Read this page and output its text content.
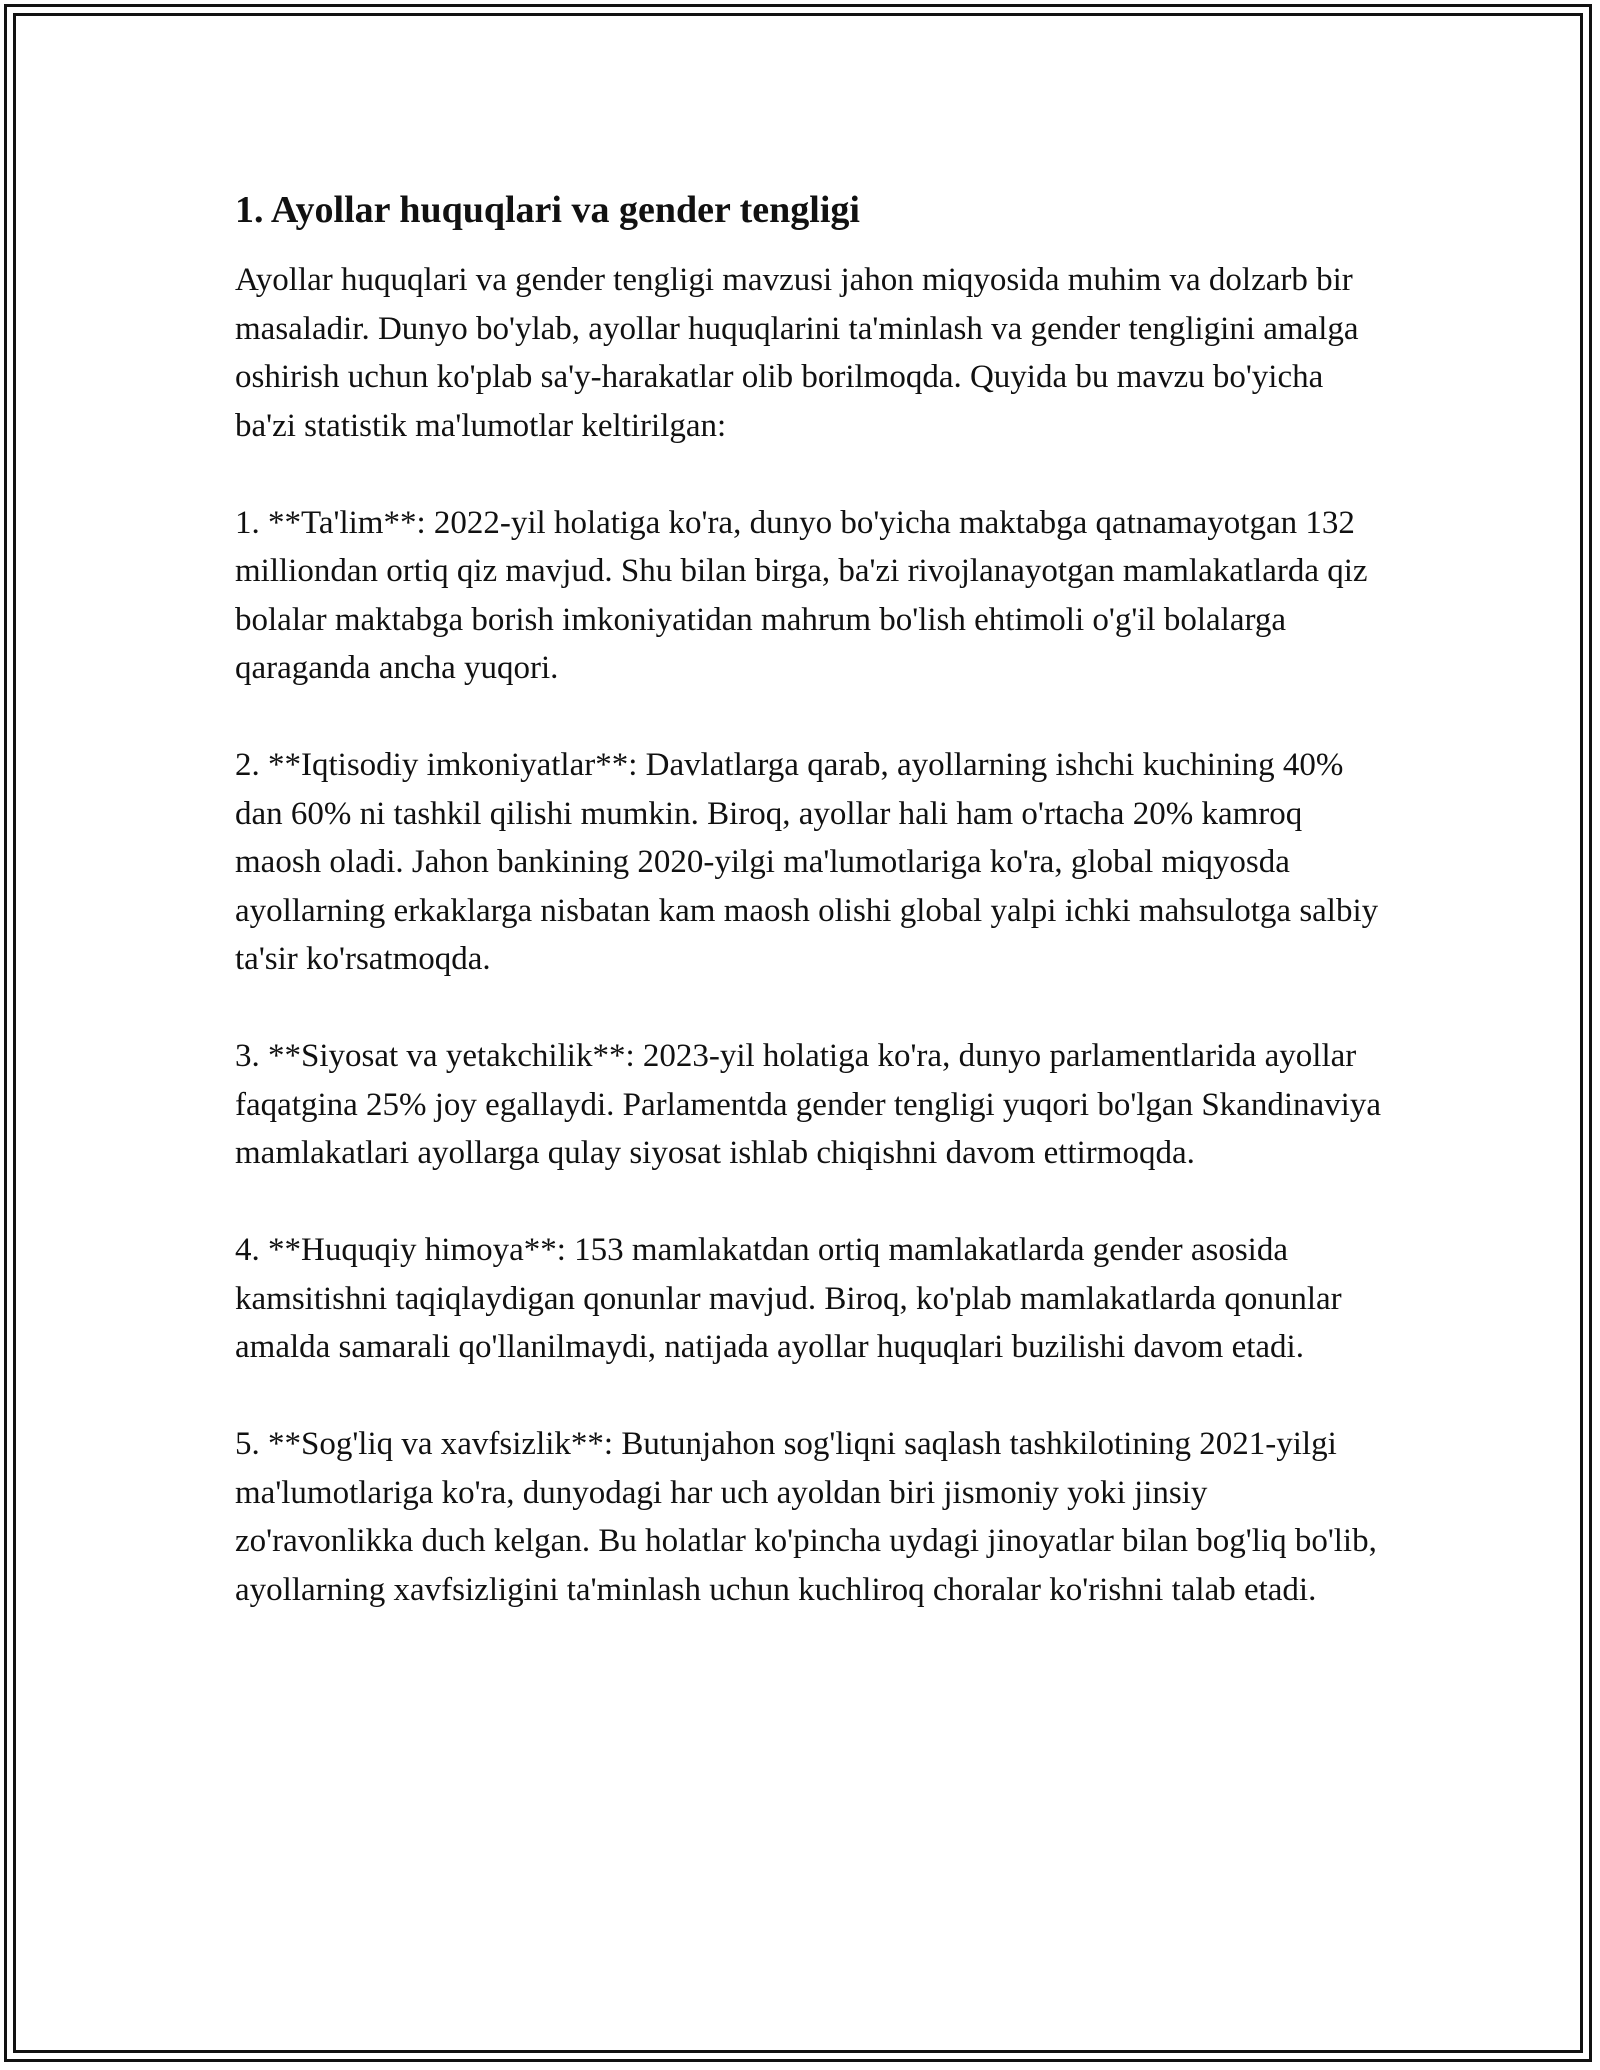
1. Ayollar huquqlari va gender tengligi

Ayollar huquqlari va gender tengligi mavzusi jahon miqyosida muhim va dolzarb bir masaladir. Dunyo bo'ylab, ayollar huquqlarini ta'minlash va gender tengligini amalga oshirish uchun ko'plab sa'y-harakatlar olib borilmoqda. Quyida bu mavzu bo'yicha ba'zi statistik ma'lumotlar keltirilgan:

1. **Ta'lim**: 2022-yil holatiga ko'ra, dunyo bo'yicha maktabga qatnamayotgan 132 milliondan ortiq qiz mavjud. Shu bilan birga, ba'zi rivojlanayotgan mamlakatlarda qiz bolalar maktabga borish imkoniyatidan mahrum bo'lish ehtimoli o'g'il bolalarga qaraganda ancha yuqori.

2. **Iqtisodiy imkoniyatlar**: Davlatlarga qarab, ayollarning ishchi kuchining 40% dan 60% ni tashkil qilishi mumkin. Biroq, ayollar hali ham o'rtacha 20% kamroq maosh oladi. Jahon bankining 2020-yilgi ma'lumotlariga ko'ra, global miqyosda ayollarning erkaklarga nisbatan kam maosh olishi global yalpi ichki mahsulotga salbiy ta'sir ko'rsatmoqda.

3. **Siyosat va yetakchilik**: 2023-yil holatiga ko'ra, dunyo parlamentlarida ayollar faqatgina 25% joy egallaydi. Parlamentda gender tengligi yuqori bo'lgan Skandinaviya mamlakatlari ayollarga qulay siyosat ishlab chiqishni davom ettirmoqda.

4. **Huquqiy himoya**: 153 mamlakatdan ortiq mamlakatlarda gender asosida kamsitishni taqiqlaydigan qonunlar mavjud. Biroq, ko'plab mamlakatlarda qonunlar amalda samarali qo'llanilmaydi, natijada ayollar huquqlari buzilishi davom etadi.

5. **Sog'liq va xavfsizlik**: Butunjahon sog'liqni saqlash tashkilotining 2021-yilgi ma'lumotlariga ko'ra, dunyodagi har uch ayoldan biri jismoniy yoki jinsiy zo'ravonlikka duch kelgan. Bu holatlar ko'pincha uydagi jinoyatlar bilan bog'liq bo'lib, ayollarning xavfsizligini ta'minlash uchun kuchliroq choralar ko'rishni talab etadi.
